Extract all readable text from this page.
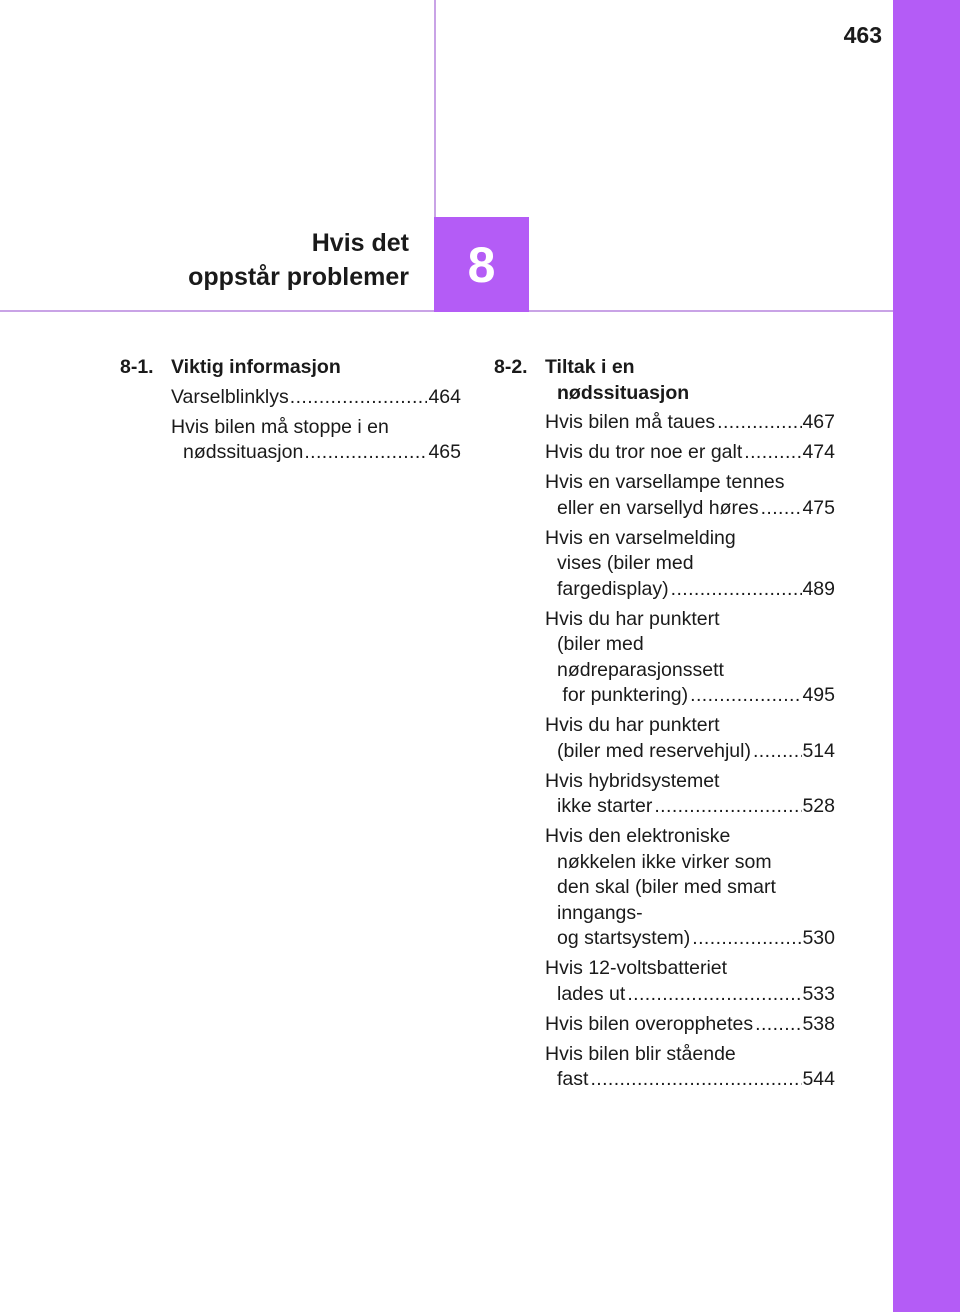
463
8
Hvis det
oppstår problemer
8-1. Viktig informasjon
Varselblinklys .....	464
Hvis bilen må stoppe i en
nødssituasjon .....	465
8-2. Tiltak i en
nødssituasjon
Hvis bilen må taues .....	467
Hvis du tror noe er galt .....	474
Hvis en varsellampe tennes
eller en varsellyd høres ..... 475
Hvis en varselmelding
vises (biler med
fargedisplay) .....	489
Hvis du har punktert
(biler med
nødreparasjonssett
for punktering) .....	495
Hvis du har punktert
(biler med reservehjul) .....	514
Hvis hybridsystemet
ikke starter .....	528
Hvis den elektroniske
nøkkelen ikke virker som
den skal (biler med smart
inngangs-
og startsystem) .....	530
Hvis 12-voltsbatteriet
lades ut .....	533
Hvis bilen overopphetes .....	538
Hvis bilen blir stående
fast .....	544
